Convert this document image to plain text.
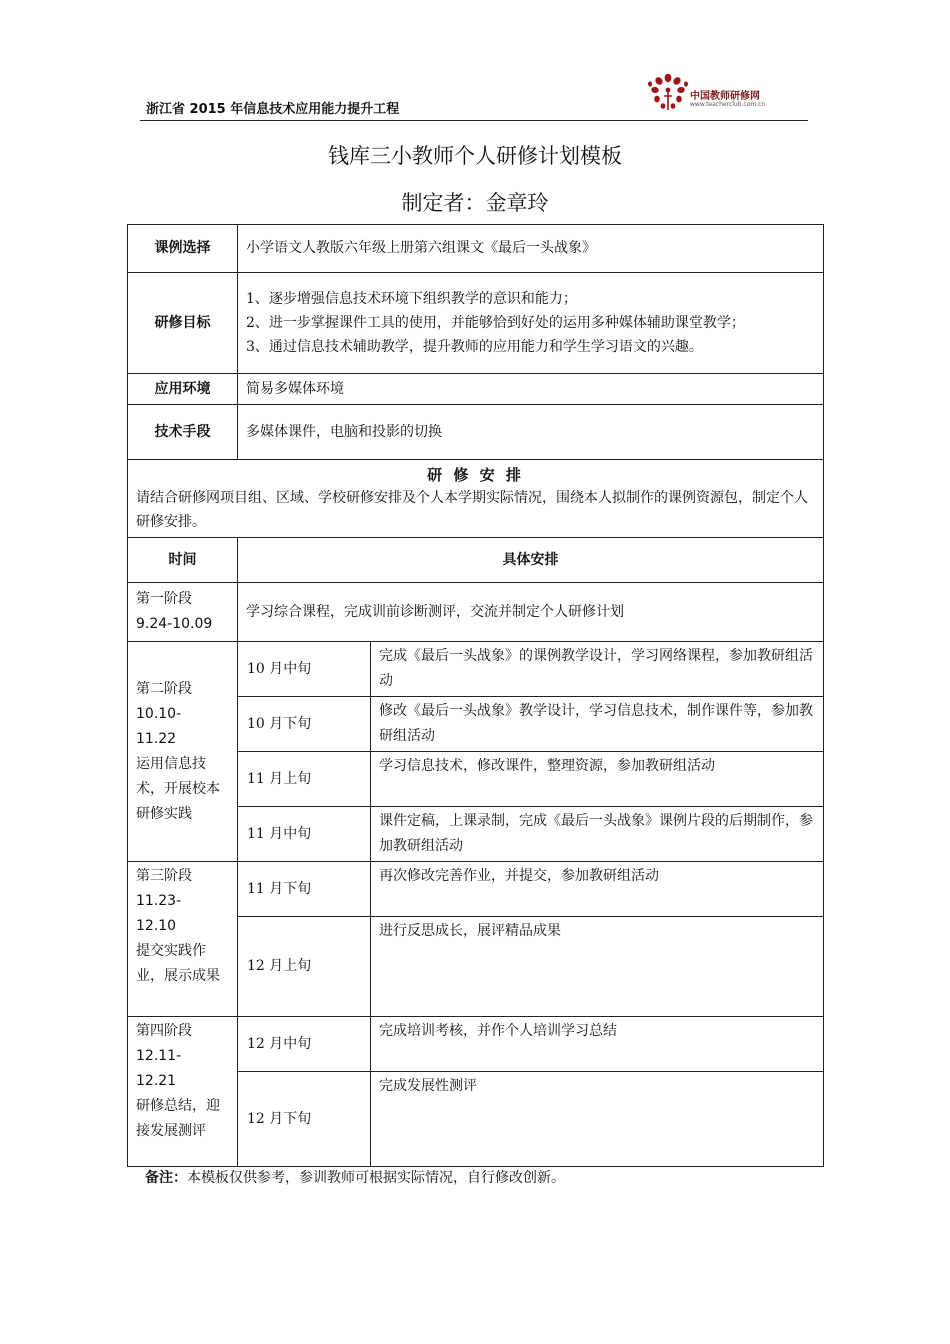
浙江省 2015 年信息技术应用能力提升工程
中国教师研修网
www.teacherclub.com.cn
钱库三小教师个人研修计划模板
制定者：金章玲
课例选择	小学语文人教版六年级上册第六组课文《最后一头战象》	
研修目标	1、逐步增强信息技术环境下组织教学的意识和能力；
2、进一步掌握课件工具的使用，并能够恰到好处的运用多种媒体辅助课堂教学；
3、通过信息技术辅助教学，提升教师的应用能力和学生学习语文的兴趣。	

应用环境	简易多媒体环境	
技术手段	多媒体课件，电脑和投影的切换	

研 修 安 排
请结合研修网项目组、区域、学校研修安排及个人本学期实际情况，围绕本人拟制作的课例资源包，制定个人研修安排。		

时间	具体安排	
第一阶段
9.24-10.09	学习综合课程，完成训前诊断测评，交流并制定个人研修计划	
第二阶段
10.10-
11.22
运用信息技术，开展校本研修实践	10 月中旬	完成《最后一头战象》的课例教学设计，学习网络课程，参加教研组活动
	10 月下旬	修改《最后一头战象》教学设计，学习信息技术，制作课件等，参加教研组活动
	11 月上旬	学习信息技术，修改课件，整理资源，参加教研组活动
	11 月中旬	课件定稿，上课录制，完成《最后一头战象》课例片段的后期制作，参加教研组活动
第三阶段
11.23-
12.10
提交实践作业，展示成果	11 月下旬	再次修改完善作业，并提交，参加教研组活动
	12 月上旬	进行反思成长，展评精品成果
第四阶段
12.11-
12.21
研修总结，迎接发展测评	12 月中旬	完成培训考核，并作个人培训学习总结
	12 月下旬	完成发展性测评
备注：本模板仅供参考，参训教师可根据实际情况，自行修改创新。
